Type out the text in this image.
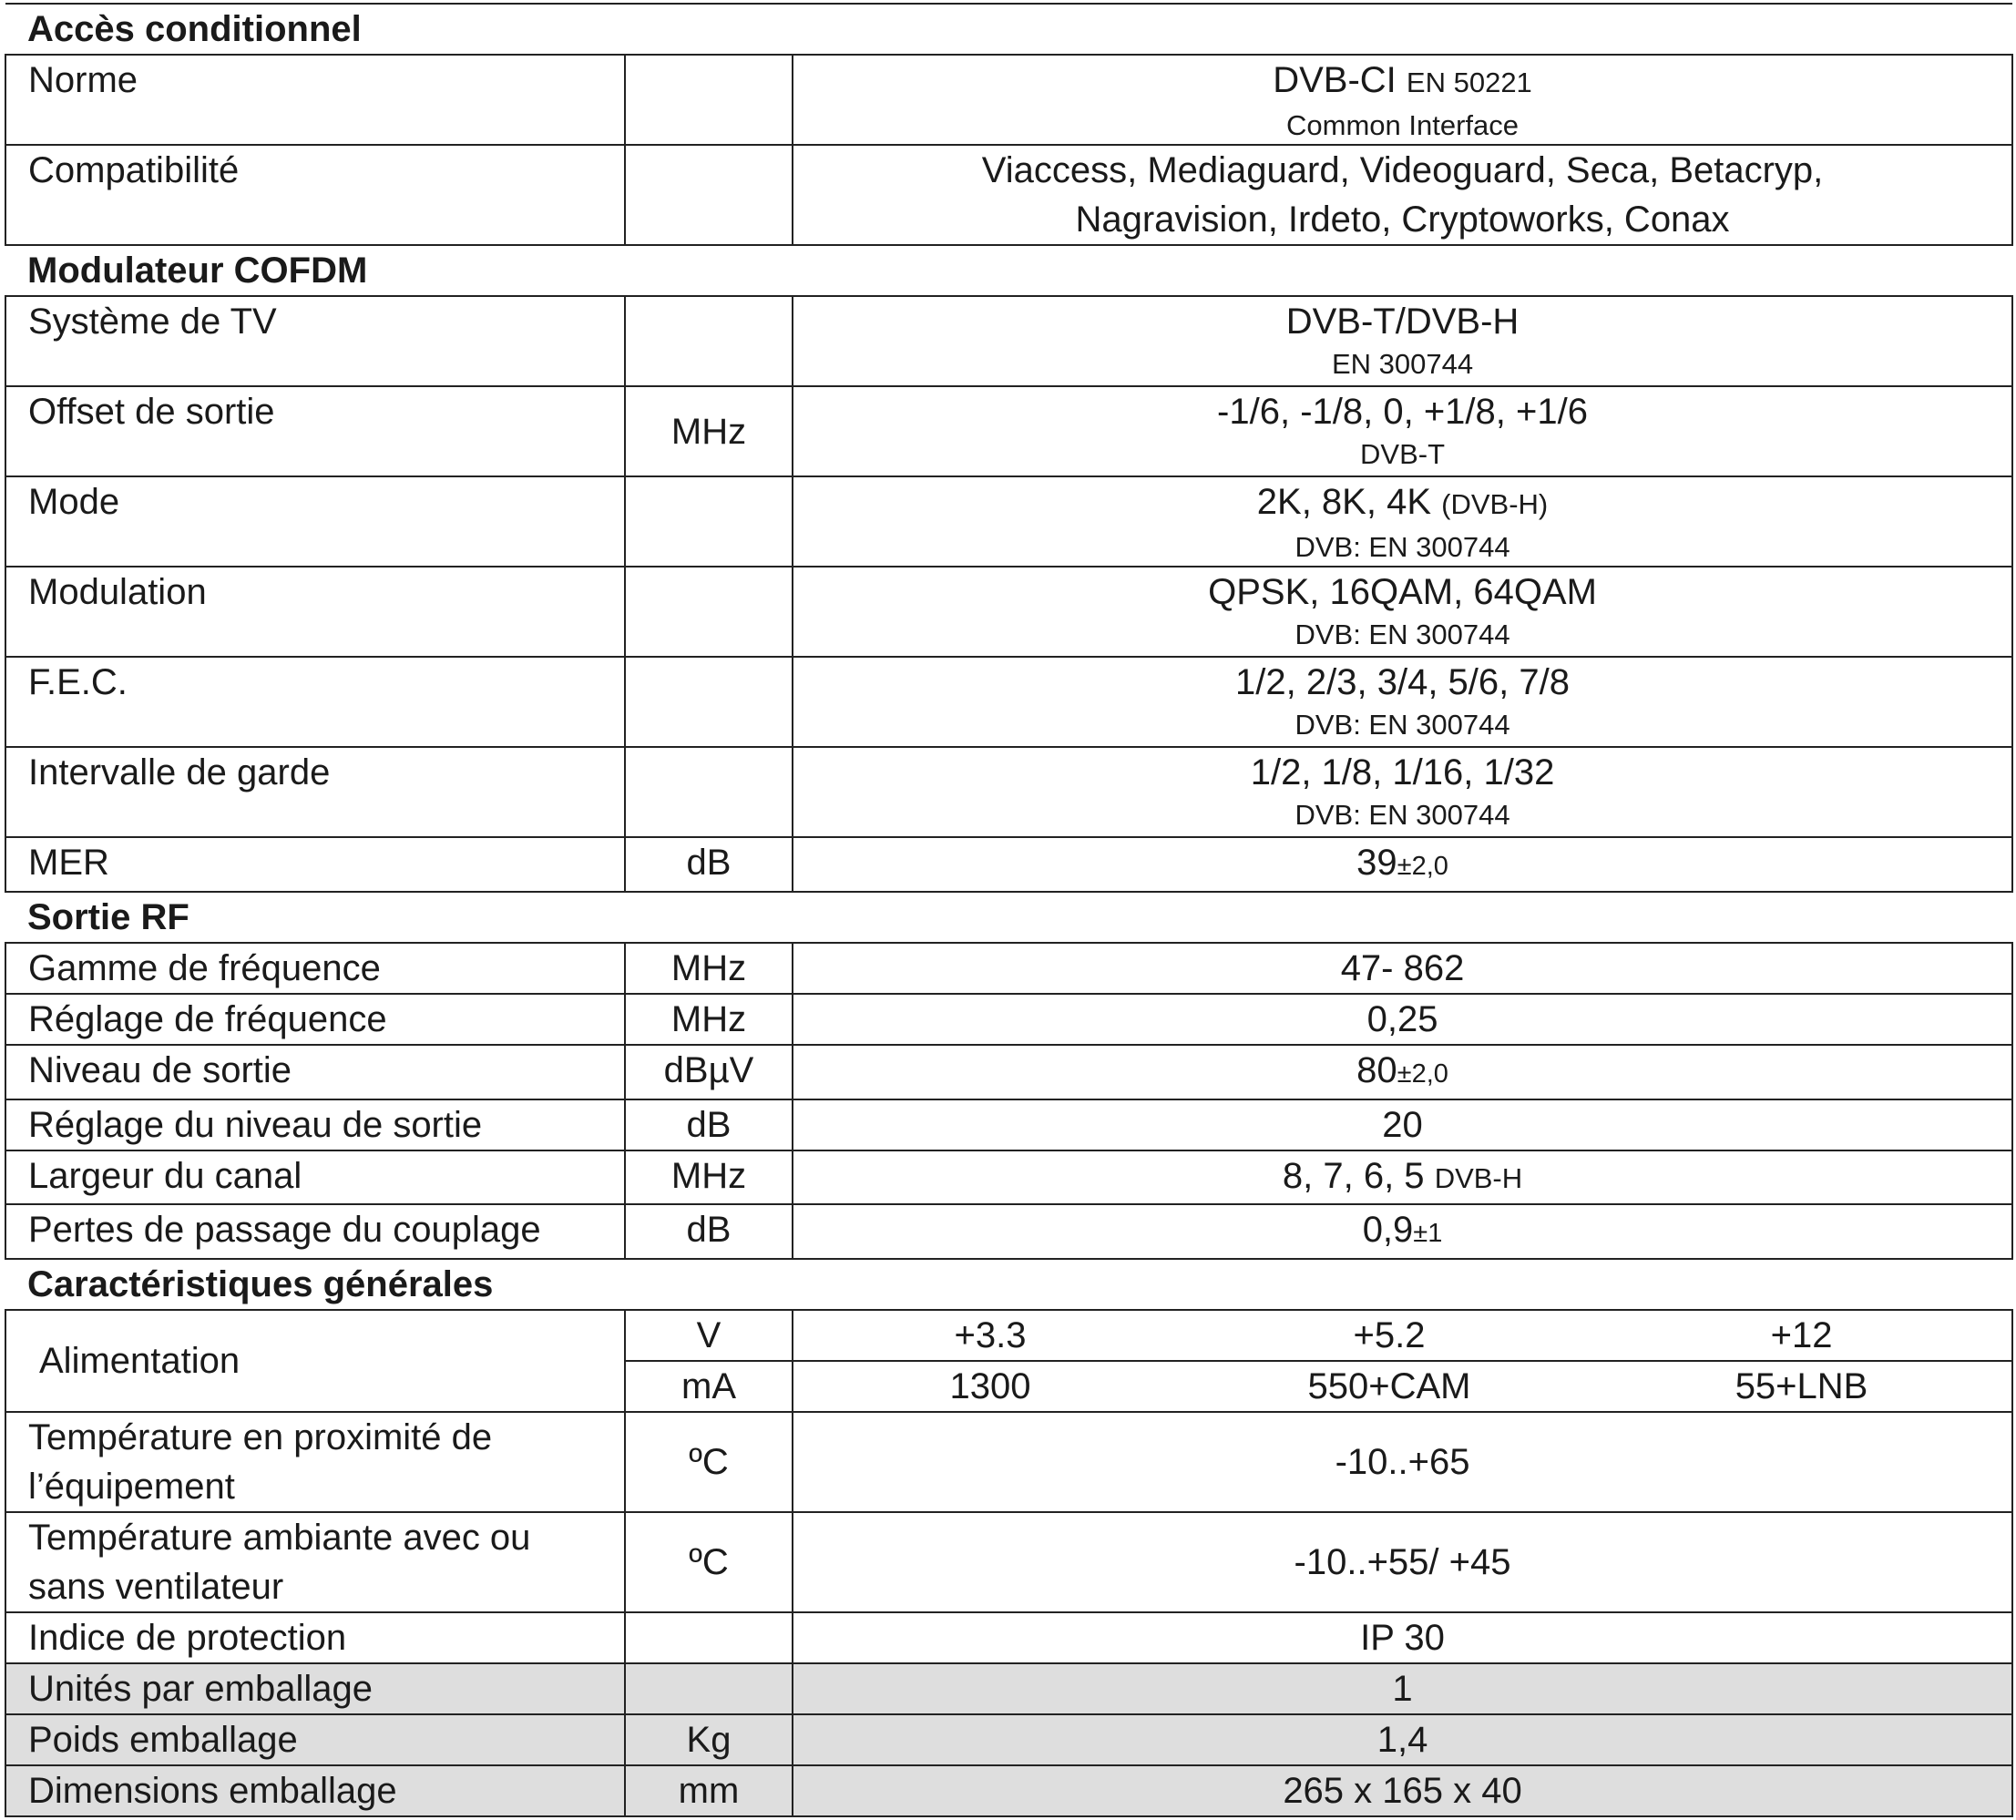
Accès conditionnel				
Norme		DVB-CI EN 50221
Common Interface		

Compatibilité		Viaccess, Mediaguard, Videoguard, Seca, Betacryp,
Nagravision, Irdeto, Cryptoworks, Conax		

Modulateur COFDM				
Système de TV		DVB-T/DVB-H
EN 300744		

Offset de sortie	MHz	-1/6, -1/8, 0, +1/8, +1/6
DVB-T		

Mode		2K, 8K, 4K (DVB-H)
DVB: EN 300744		

Modulation		QPSK, 16QAM, 64QAM
DVB: EN 300744		

F.E.C.		1/2, 2/3, 3/4, 5/6, 7/8
DVB: EN 300744		

Intervalle de garde		1/2, 1/8, 1/16, 1/32
DVB: EN 300744		

MER	dB	39±2,0		
Sortie RF				
Gamme de fréquence	MHz	47- 862		
Réglage de fréquence	MHz	0,25		
Niveau de sortie	dBµV	80±2,0		
Réglage du niveau de sortie	dB	20		
Largeur du canal	MHz	8, 7, 6, 5 DVB-H		
Pertes de passage du couplage	dB	0,9±1		
Caractéristiques générales				
Alimentation	V	+3.3	+5.2	+12
	mA	1300	550+CAM	55+LNB

Température en proximité de
l’équipement	ºC	-10..+65		

Température ambiante avec ou
sans ventilateur	ºC	-10..+55/ +45		
Indice de protection		IP 30		
Unités par emballage		1		
Poids emballage	Kg	1,4		
Dimensions emballage	mm	265 x 165 x 40		
